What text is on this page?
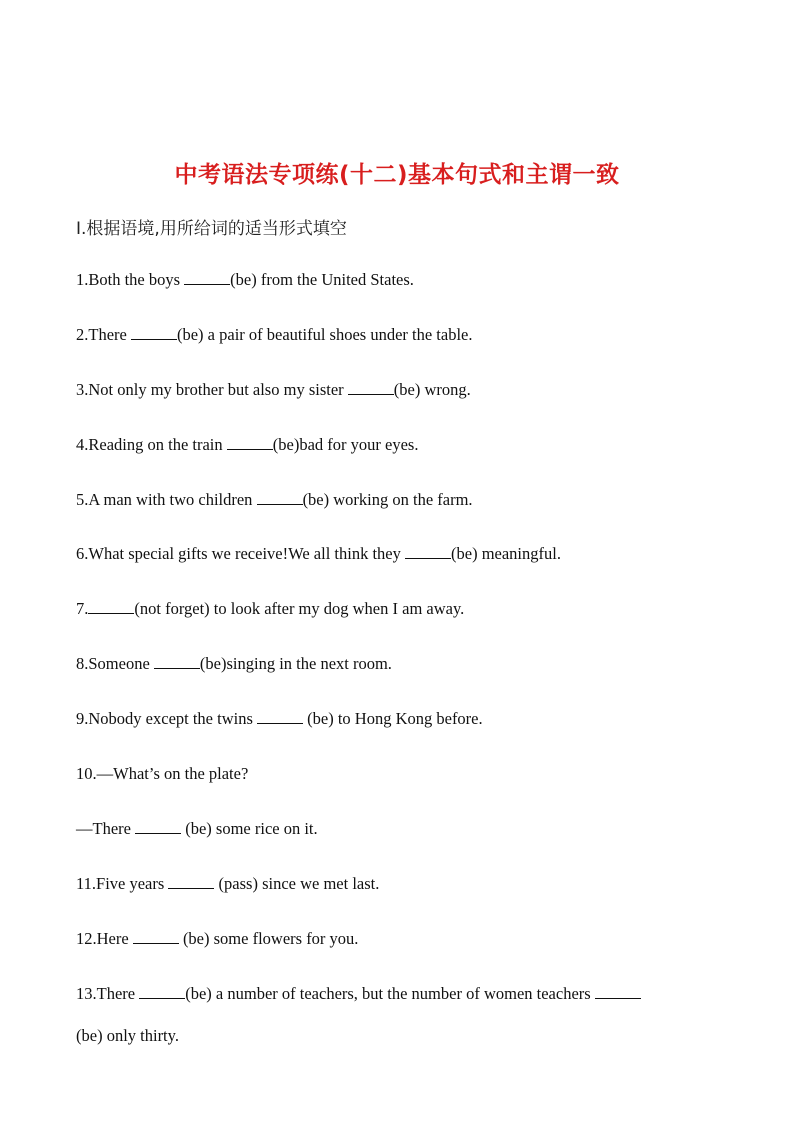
中考语法专项练(十二)基本句式和主谓一致
Ⅰ.根据语境,用所给词的适当形式填空
1.Both the boys	(be) from the United States.
2.There	(be) a pair of beautiful shoes under the table.
3.Not only my brother but also my sister	(be) wrong.
4.Reading on the train	(be)bad for your eyes.
5.A man with two children	(be) working on the farm.
6.What special gifts we receive!We all think they	(be) meaningful.
7.	(not forget) to look after my dog when I am away.
8.Someone	(be)singing in the next room.
9.Nobody except the twins	(be) to Hong Kong before.
10.—What’s on the plate?
—There	(be) some rice on it.
11.Five years	(pass) since we met last.
12.Here	(be) some flowers for you.
13.There	(be) a number of teachers, but the number of women teachers
(be) only thirty.
